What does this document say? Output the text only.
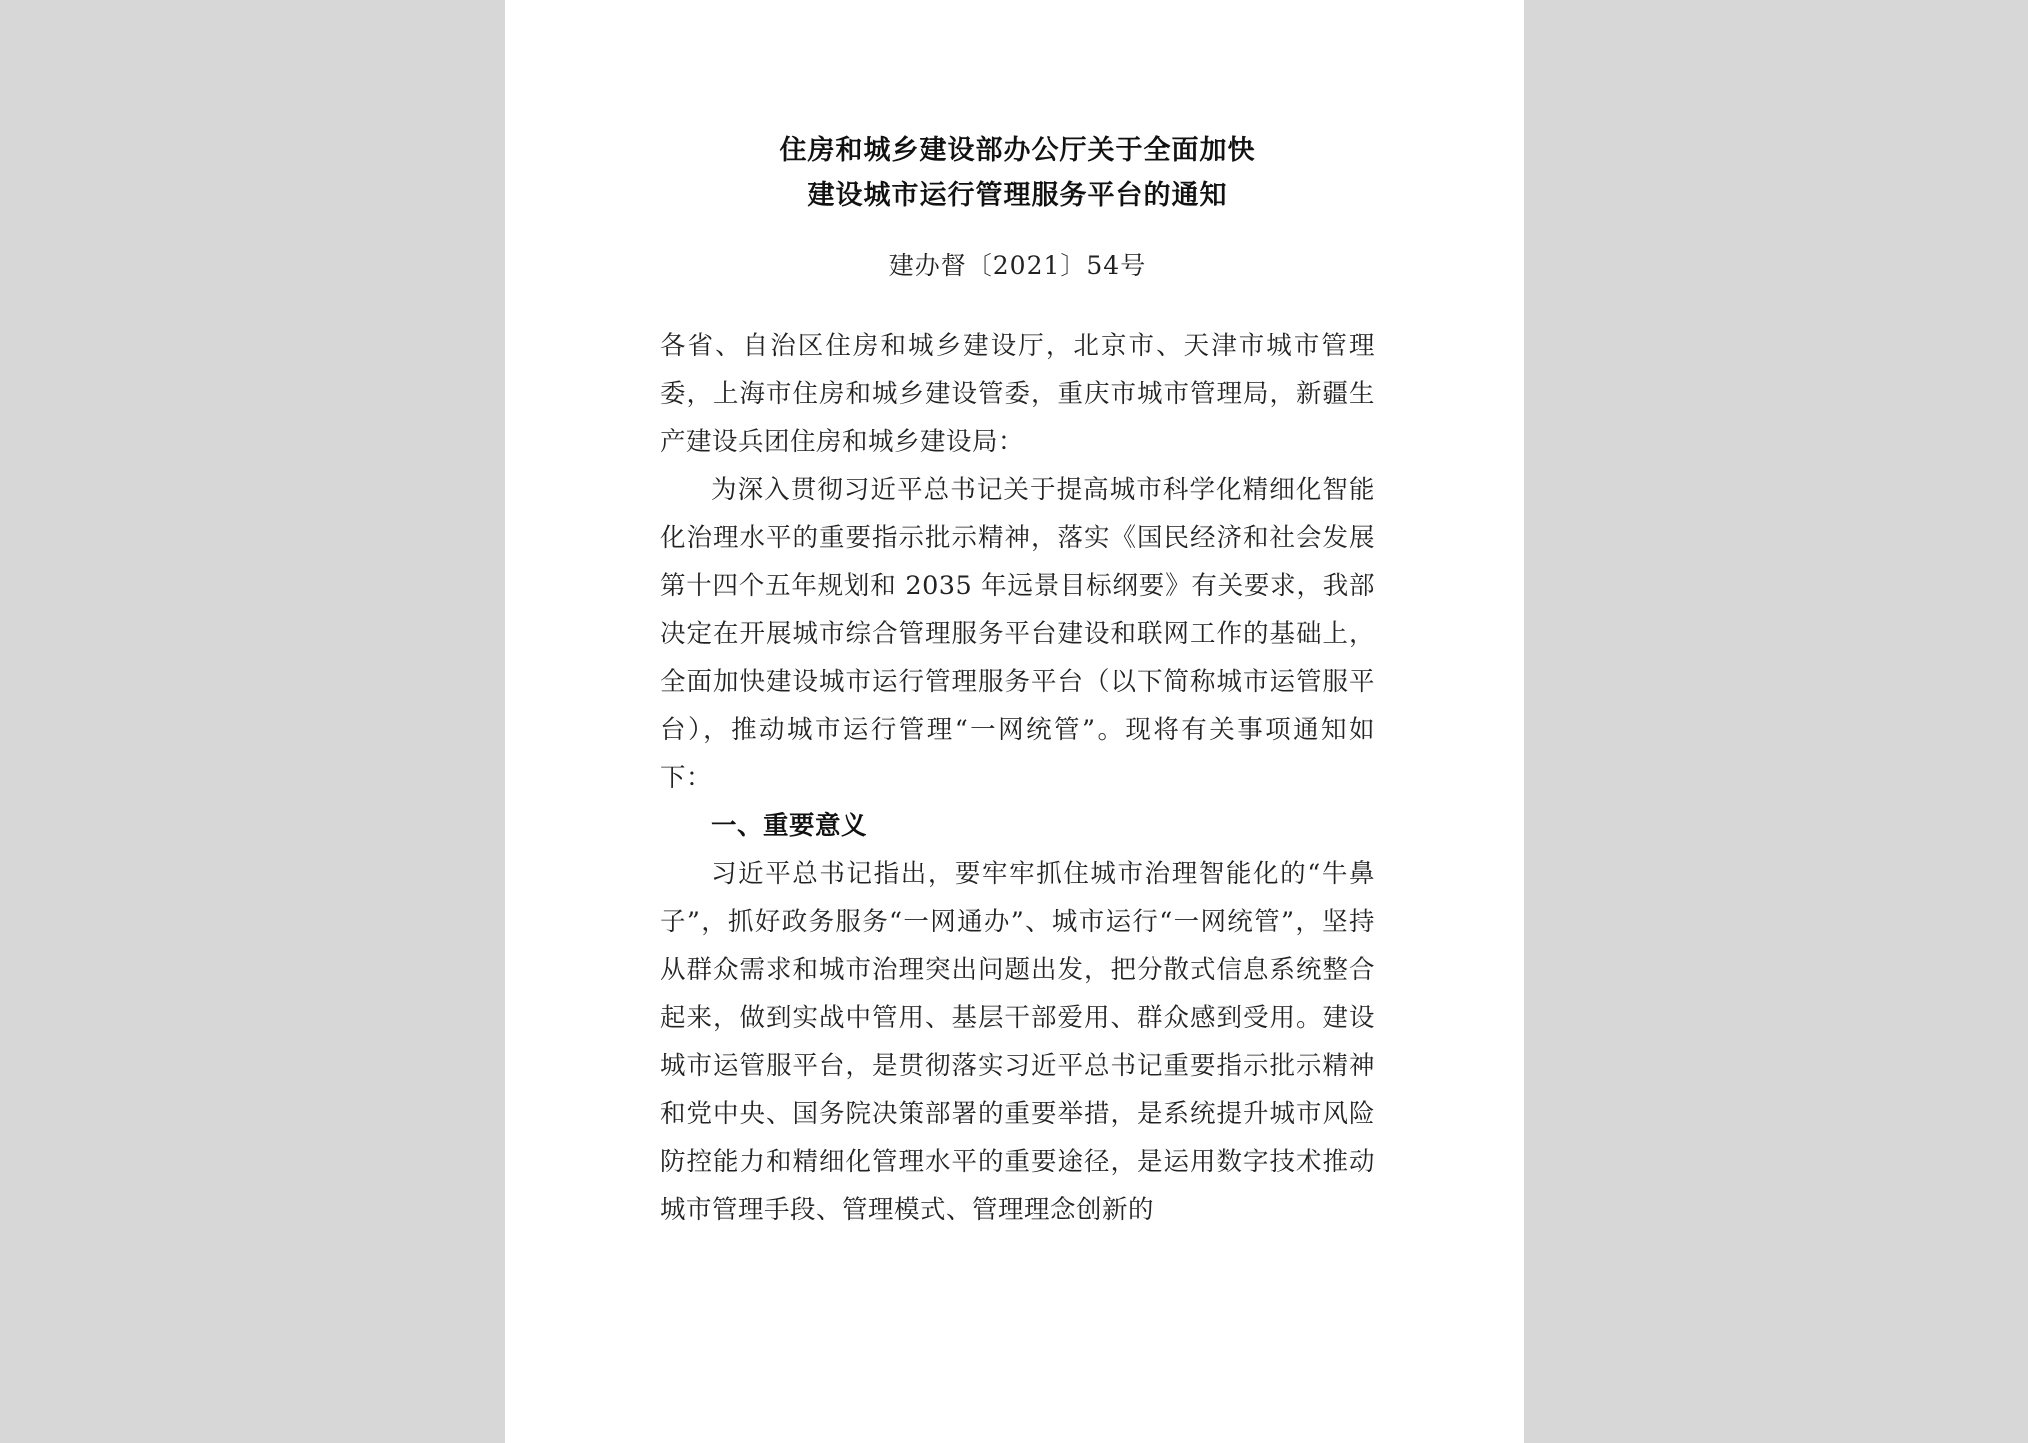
住房和城乡建设部办公厅关于全面加快
建设城市运行管理服务平台的通知
建办督〔2021〕54号

各省、自治区住房和城乡建设厅，北京市、天津市城市管理委，上海市住房和城乡建设管委，重庆市城市管理局，新疆生产建设兵团住房和城乡建设局：

为深入贯彻习近平总书记关于提高城市科学化精细化智能化治理水平的重要指示批示精神，落实《国民经济和社会发展第十四个五年规划和 2035 年远景目标纲要》有关要求，我部决定在开展城市综合管理服务平台建设和联网工作的基础上，全面加快建设城市运行管理服务平台（以下简称城市运管服平台），推动城市运行管理“一网统管”。现将有关事项通知如下：

一、重要意义

习近平总书记指出，要牢牢抓住城市治理智能化的“牛鼻子”，抓好政务服务“一网通办”、城市运行“一网统管”，坚持从群众需求和城市治理突出问题出发，把分散式信息系统整合起来，做到实战中管用、基层干部爱用、群众感到受用。建设城市运管服平台，是贯彻落实习近平总书记重要指示批示精神和党中央、国务院决策部署的重要举措，是系统提升城市风险防控能力和精细化管理水平的重要途径，是运用数字技术推动城市管理手段、管理模式、管理理念创新的
